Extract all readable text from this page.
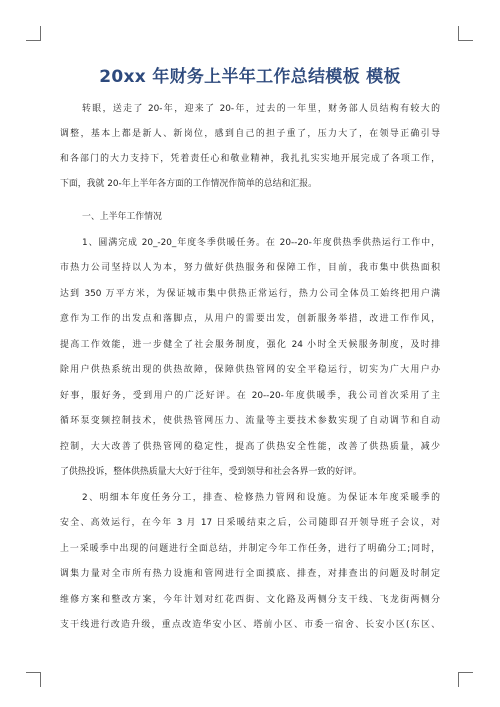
20xx 年财务上半年工作总结模板 模板
转眼，送走了 20-年，迎来了 20-年，过去的一年里，财务部人员结构有较大的
调整，基本上都是新人、新岗位，感到自己的担子重了，压力大了，在领导正确引导
和各部门的大力支持下，凭着责任心和敬业精神，我扎扎实实地开展完成了各项工作，
下面，我就 20-年上半年各方面的工作情况作简单的总结和汇报。
一、上半年工作情况
1、圆满完成 20_-20_年度冬季供暖任务。在 20--20-年度供热季供热运行工作中，
市热力公司坚持以人为本，努力做好供热服务和保障工作，目前，我市集中供热面积
达到 350 万平方米，为保证城市集中供热正常运行，热力公司全体员工始终把用户满
意作为工作的出发点和落脚点，从用户的需要出发，创新服务举措，改进工作作风，
提高工作效能，进一步健全了社会服务制度，强化 24 小时全天候服务制度，及时排
除用户供热系统出现的供热故障，保障供热管网的安全平稳运行，切实为广大用户办
好事，服好务，受到用户的广泛好评。在 20--20-年度供暖季，我公司首次采用了主
循环泵变频控制技术，使供热管网压力、流量等主要技术参数实现了自动调节和自动
控制，大大改善了供热管网的稳定性，提高了供热安全性能，改善了供热质量，减少
了供热投诉，整体供热质量大大好于往年，受到领导和社会各界一致的好评。
2、明细本年度任务分工，排查、检修热力管网和设施。为保证本年度采暖季的
安全、高效运行，在今年 3 月 17 日采暖结束之后，公司随即召开领导班子会议，对
上一采暖季中出现的问题进行全面总结，并制定今年工作任务，进行了明确分工;同时，
调集力量对全市所有热力设施和管网进行全面摸底、排查，对排查出的问题及时制定
维修方案和整改方案，今年计划对红花西街、文化路及两侧分支干线、飞龙街两侧分
支干线进行改造升级，重点改造华安小区、塔前小区、市委一宿舍、长安小区(东区、
